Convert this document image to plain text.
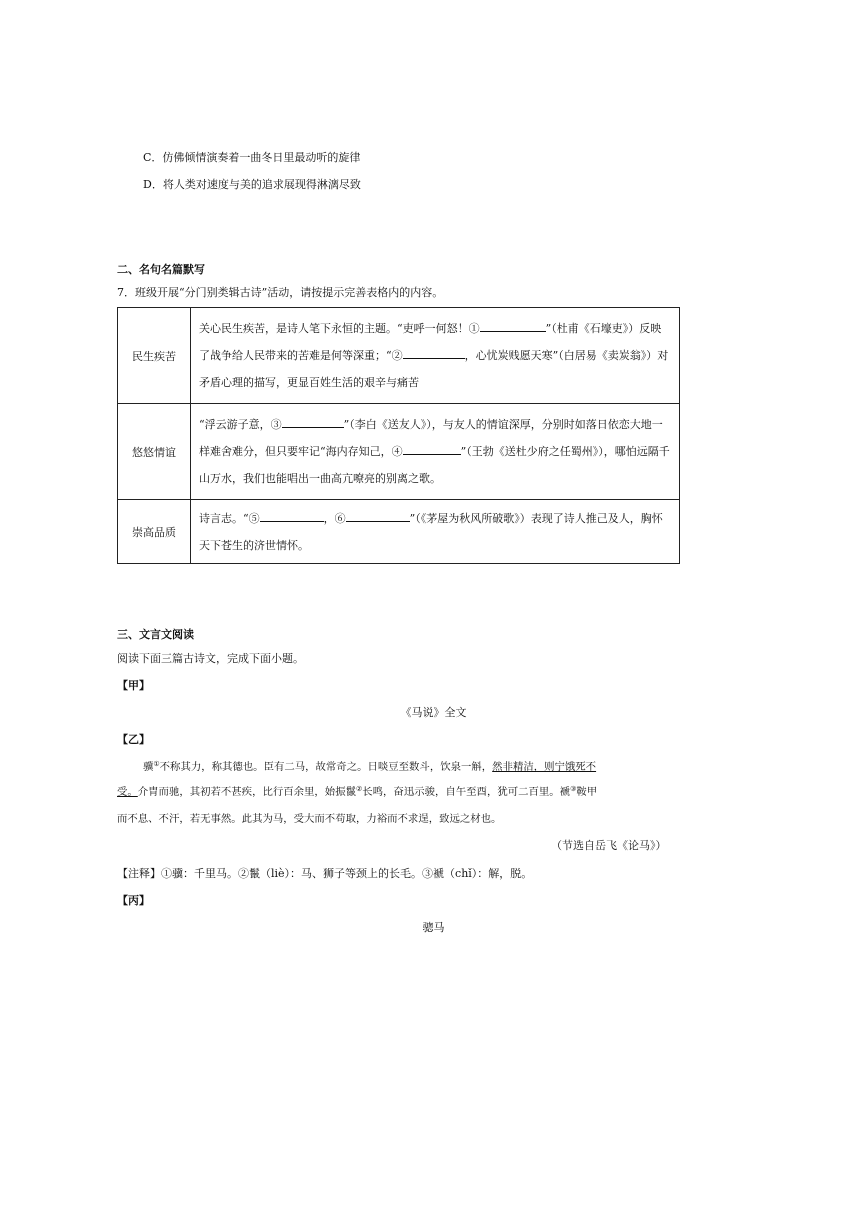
C．仿佛倾情演奏着一曲冬日里最动听的旋律
D．将人类对速度与美的追求展现得淋漓尽致
二、名句名篇默写
7．班级开展“分门别类辑古诗”活动，请按提示完善表格内的内容。
民生疾苦	关心民生疾苦，是诗人笔下永恒的主题。“吏呼一何怒！① ”（杜甫《石壕吏》）反映了战争给人民带来的苦难是何等深重；“② ，心忧炭贱愿天寒”（白居易《卖炭翁》）对矛盾心理的描写，更显百姓生活的艰辛与痛苦
悠悠情谊	“浮云游子意，③ ”（李白《送友人》），与友人的情谊深厚，分别时如落日依恋大地一样难舍难分，但只要牢记“海内存知己，④ ”（王勃《送杜少府之任蜀州》），哪怕远隔千山万水，我们也能唱出一曲高亢嘹亮的别离之歌。
崇高品质	诗言志。“⑤ ，⑥ ”（《茅屋为秋风所破歌》）表现了诗人推己及人，胸怀天下苍生的济世情怀。
三、文言文阅读
阅读下面三篇古诗文，完成下面小题。
【甲】
《马说》全文
【乙】
骥①不称其力，称其德也。臣有二马，故常奇之。日啖豆至数斗，饮泉一斛，然非精洁，则宁饿死不
受。介胄而驰，其初若不甚疾，比行百余里，始振鬣②长鸣，奋迅示骏，自午至酉，犹可二百里。褫③鞍甲
而不息、不汗，若无事然。此其为马，受大而不苟取，力裕而不求逞，致远之材也。
（节选自岳飞《论马》）
【注释】①骥：千里马。②鬣（liè）：马、狮子等颈上的长毛。③褫（chǐ）：解，脱。
【丙】
骢马
